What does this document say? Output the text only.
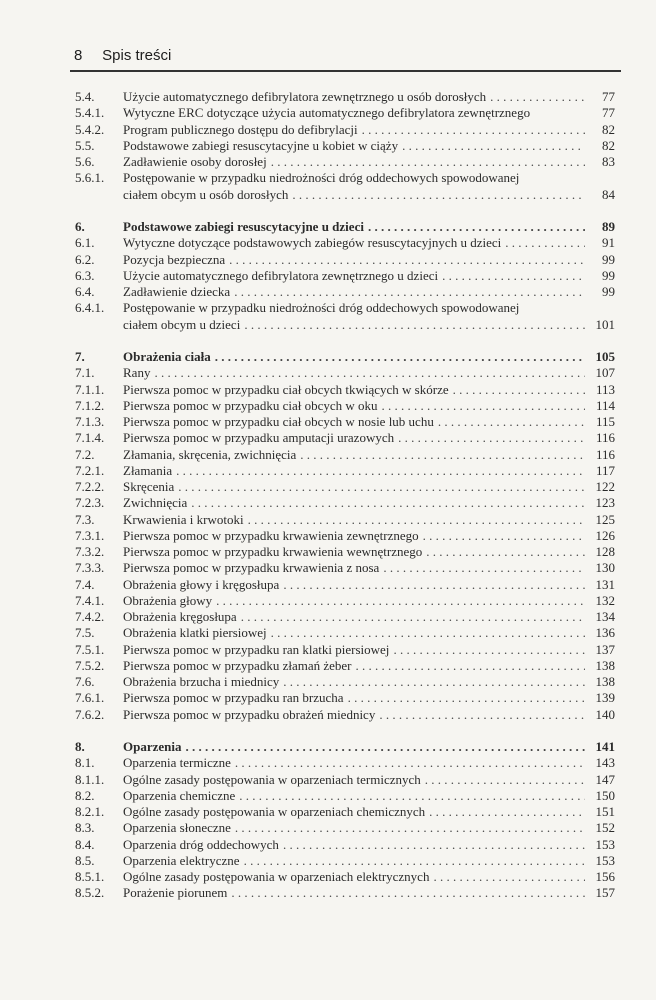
8 Spis treści
5.4.	Użycie automatycznego defibrylatora zewnętrznego u osób dorosłych . . .	77
5.4.1.	Wytyczne ERC dotyczące użycia automatycznego defibrylatora zewnętrznego	77
5.4.2.	Program publicznego dostępu do defibrylacji . . .	82
5.5.	Podstawowe zabiegi resuscytacyjne u kobiet w ciąży . . .	82
5.6.	Zadławienie osoby dorosłej . . .	83
5.6.1.	Postępowanie w przypadku niedrożności dróg oddechowych spowodowanej
ciałem obcym u osób dorosłych . . .	84
6.	Podstawowe zabiegi resuscytacyjne u dzieci . . .	89
6.1.	Wytyczne dotyczące podstawowych zabiegów resuscytacyjnych u dzieci . . .	91
6.2.	Pozycja bezpieczna . . .	99
6.3.	Użycie automatycznego defibrylatora zewnętrznego u dzieci . . .	99
6.4.	Zadławienie dziecka . . .	99
6.4.1.	Postępowanie w przypadku niedrożności dróg oddechowych spowodowanej
ciałem obcym u dzieci . . .	101
7.	Obrażenia ciała . . .	105
7.1.	Rany . . .	107
7.1.1.	Pierwsza pomoc w przypadku ciał obcych tkwiących w skórze . . .	113
7.1.2.	Pierwsza pomoc w przypadku ciał obcych w oku . . .	114
7.1.3.	Pierwsza pomoc w przypadku ciał obcych w nosie lub uchu . . .	115
7.1.4.	Pierwsza pomoc w przypadku amputacji urazowych . . .	116
7.2.	Złamania, skręcenia, zwichnięcia . . .	116
7.2.1.	Złamania . . .	117
7.2.2.	Skręcenia . . .	122
7.2.3.	Zwichnięcia . . .	123
7.3.	Krwawienia i krwotoki . . .	125
7.3.1.	Pierwsza pomoc w przypadku krwawienia zewnętrznego . . .	126
7.3.2.	Pierwsza pomoc w przypadku krwawienia wewnętrznego . . .	128
7.3.3.	Pierwsza pomoc w przypadku krwawienia z nosa . . .	130
7.4.	Obrażenia głowy i kręgosłupa . . .	131
7.4.1.	Obrażenia głowy . . .	132
7.4.2.	Obrażenia kręgosłupa . . .	134
7.5.	Obrażenia klatki piersiowej . . .	136
7.5.1.	Pierwsza pomoc w przypadku ran klatki piersiowej . . .	137
7.5.2.	Pierwsza pomoc w przypadku złamań żeber . . .	138
7.6.	Obrażenia brzucha i miednicy . . .	138
7.6.1.	Pierwsza pomoc w przypadku ran brzucha . . .	139
7.6.2.	Pierwsza pomoc w przypadku obrażeń miednicy . . .	140
8.	Oparzenia . . .	141
8.1.	Oparzenia termiczne . . .	143
8.1.1.	Ogólne zasady postępowania w oparzeniach termicznych . . .	147
8.2.	Oparzenia chemiczne . . .	150
8.2.1.	Ogólne zasady postępowania w oparzeniach chemicznych . . .	151
8.3.	Oparzenia słoneczne . . .	152
8.4.	Oparzenia dróg oddechowych . . .	153
8.5.	Oparzenia elektryczne . . .	153
8.5.1.	Ogólne zasady postępowania w oparzeniach elektrycznych . . .	156
8.5.2.	Porażenie piorunem . . .	157
